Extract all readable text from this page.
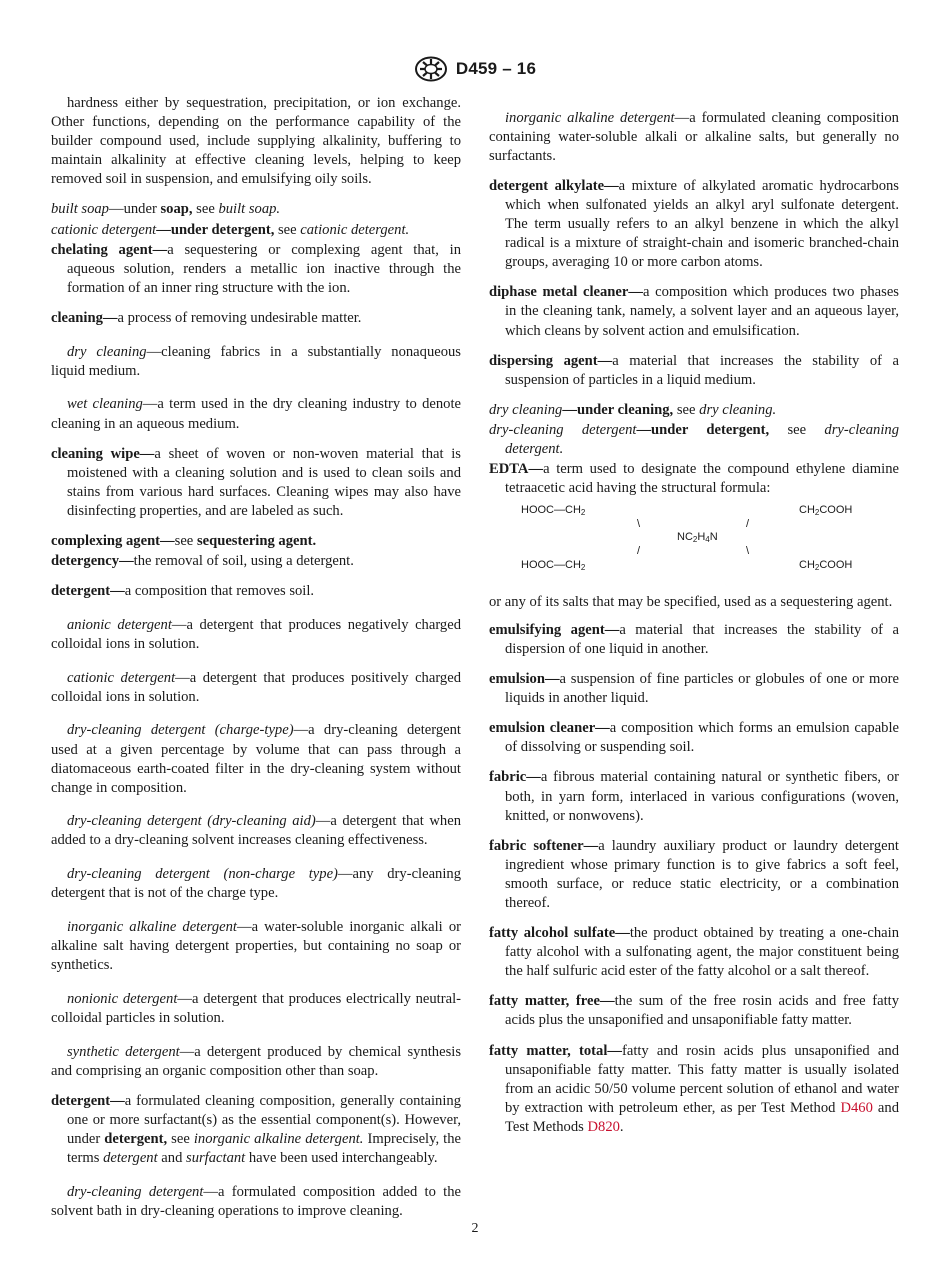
D459 – 16

hardness either by sequestration, precipitation, or ion exchange. Other functions, depending on the performance capability of the builder compound used, include supplying alkalinity, buffering to maintain alkalinity at effective cleaning levels, helping to keep removed soil in suspension, and emulsifying oily soils.

built soap—under soap, see built soap.

cationic detergent—under detergent, see cationic detergent.

chelating agent—a sequestering or complexing agent that, in aqueous solution, renders a metallic ion inactive through the formation of an inner ring structure with the ion.

cleaning—a process of removing undesirable matter.

dry cleaning—cleaning fabrics in a substantially nonaqueous liquid medium.

wet cleaning—a term used in the dry cleaning industry to denote cleaning in an aqueous medium.

cleaning wipe—a sheet of woven or non-woven material that is moistened with a cleaning solution and is used to clean soils and stains from various hard surfaces. Cleaning wipes may also have disinfecting properties, and are labeled as such.

complexing agent—see sequestering agent.

detergency—the removal of soil, using a detergent.

detergent—a composition that removes soil.

anionic detergent—a detergent that produces negatively charged colloidal ions in solution.

cationic detergent—a detergent that produces positively charged colloidal ions in solution.

dry-cleaning detergent (charge-type)—a dry-cleaning detergent used at a given percentage by volume that can pass through a diatomaceous earth-coated filter in the dry-cleaning system without change in composition.

dry-cleaning detergent (dry-cleaning aid)—a detergent that when added to a dry-cleaning solvent increases cleaning effectiveness.

dry-cleaning detergent (non-charge type)—any dry-cleaning detergent that is not of the charge type.

inorganic alkaline detergent—a water-soluble inorganic alkali or alkaline salt having detergent properties, but containing no soap or synthetics.

nonionic detergent—a detergent that produces electrically neutral-colloidal particles in solution.

synthetic detergent—a detergent produced by chemical synthesis and comprising an organic composition other than soap.

detergent—a formulated cleaning composition, generally containing one or more surfactant(s) as the essential component(s). However, under detergent, see inorganic alkaline detergent. Imprecisely, the terms detergent and surfactant have been used interchangeably.

dry-cleaning detergent—a formulated composition added to the solvent bath in dry-cleaning operations to improve cleaning.

inorganic alkaline detergent—a formulated cleaning composition containing water-soluble alkali or alkaline salts, but generally no surfactants.

detergent alkylate—a mixture of alkylated aromatic hydrocarbons which when sulfonated yields an alkyl aryl sulfonate detergent. The term usually refers to an alkyl benzene in which the alkyl radical is a mixture of straight-chain and isomeric branched-chain groups, averaging 10 or more carbon atoms.

diphase metal cleaner—a composition which produces two phases in the cleaning tank, namely, a solvent layer and an aqueous layer, which cleans by solvent action and emulsification.

dispersing agent—a material that increases the stability of a suspension of particles in a liquid medium.

dry cleaning—under cleaning, see dry cleaning.

dry-cleaning detergent—under detergent, see dry-cleaning detergent.

EDTA—a term used to designate the compound ethylene diamine tetraacetic acid having the structural formula:

$HOOC—CH_2$	$CH_2COOH$
\	/
$NC_2H_4N$
/	\
$HOOC—CH_2$	$CH_2COOH$

or any of its salts that may be specified, used as a sequestering agent.

emulsifying agent—a material that increases the stability of a dispersion of one liquid in another.

emulsion—a suspension of fine particles or globules of one or more liquids in another liquid.

emulsion cleaner—a composition which forms an emulsion capable of dissolving or suspending soil.

fabric—a fibrous material containing natural or synthetic fibers, or both, in yarn form, interlaced in various configurations (woven, knitted, or nonwovens).

fabric softener—a laundry auxiliary product or laundry detergent ingredient whose primary function is to give fabrics a soft feel, smooth surface, or reduce static electricity, or a combination thereof.

fatty alcohol sulfate—the product obtained by treating a one-chain fatty alcohol with a sulfonating agent, the major constituent being the half sulfuric acid ester of the fatty alcohol or a salt thereof.

fatty matter, free—the sum of the free rosin acids and free fatty acids plus the unsaponified and unsaponifiable fatty matter.

fatty matter, total—fatty and rosin acids plus unsaponified and unsaponifiable fatty matter. This fatty matter is usually isolated from an acidic 50/50 volume percent solution of ethanol and water by extraction with petroleum ether, as per Test Method D460 and Test Methods D820.

2
